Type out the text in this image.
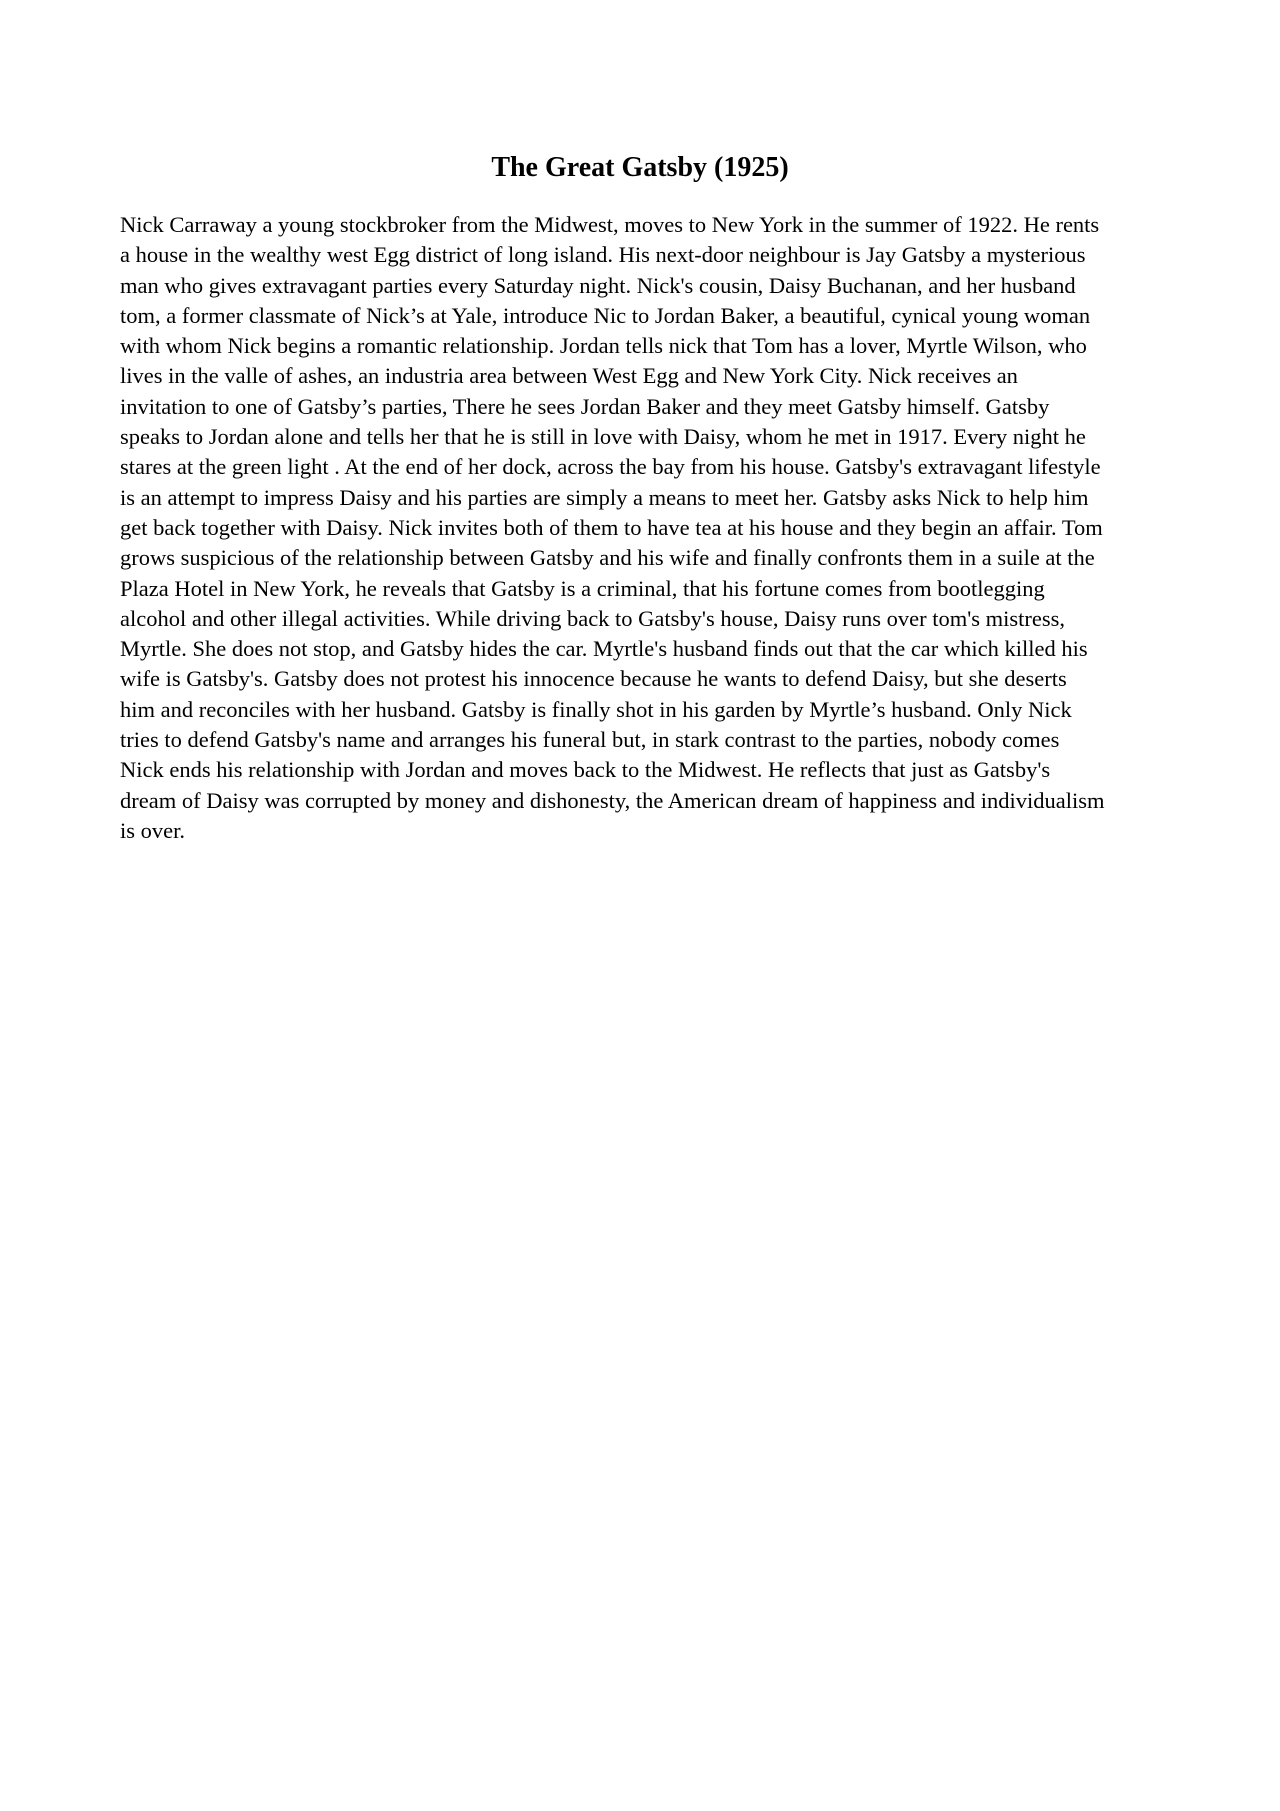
The Great Gatsby (1925)
Nick Carraway a young stockbroker from the Midwest, moves to New York in the summer of 1922. He rents
a house in the wealthy west Egg district of long island. His next-door neighbour is Jay Gatsby a mysterious
man who gives extravagant parties every Saturday night. Nick's cousin, Daisy Buchanan, and her husband
tom, a former classmate of Nick’s at Yale, introduce Nic to Jordan Baker, a beautiful, cynical young woman
with whom Nick begins a romantic relationship. Jordan tells nick that Tom has a lover, Myrtle Wilson, who
lives in the valle of ashes, an industria area between West Egg and New York City. Nick receives an
invitation to one of Gatsby’s parties, There he sees Jordan Baker and they meet Gatsby himself. Gatsby
speaks to Jordan alone and tells her that he is still in love with Daisy, whom he met in 1917. Every night he
stares at the green light . At the end of her dock, across the bay from his house. Gatsby's extravagant lifestyle
is an attempt to impress Daisy and his parties are simply a means to meet her. Gatsby asks Nick to help him
get back together with Daisy. Nick invites both of them to have tea at his house and they begin an affair. Tom
grows suspicious of the relationship between Gatsby and his wife and finally confronts them in a suile at the
Plaza Hotel in New York, he reveals that Gatsby is a criminal, that his fortune comes from bootlegging
alcohol and other illegal activities. While driving back to Gatsby's house, Daisy runs over tom's mistress,
Myrtle. She does not stop, and Gatsby hides the car. Myrtle's husband finds out that the car which killed his
wife is Gatsby's. Gatsby does not protest his innocence because he wants to defend Daisy, but she deserts
him and reconciles with her husband. Gatsby is finally shot in his garden by Myrtle’s husband. Only Nick
tries to defend Gatsby's name and arranges his funeral but, in stark contrast to the parties, nobody comes
Nick ends his relationship with Jordan and moves back to the Midwest. He reflects that just as Gatsby's
dream of Daisy was corrupted by money and dishonesty, the American dream of happiness and individualism
is over.
